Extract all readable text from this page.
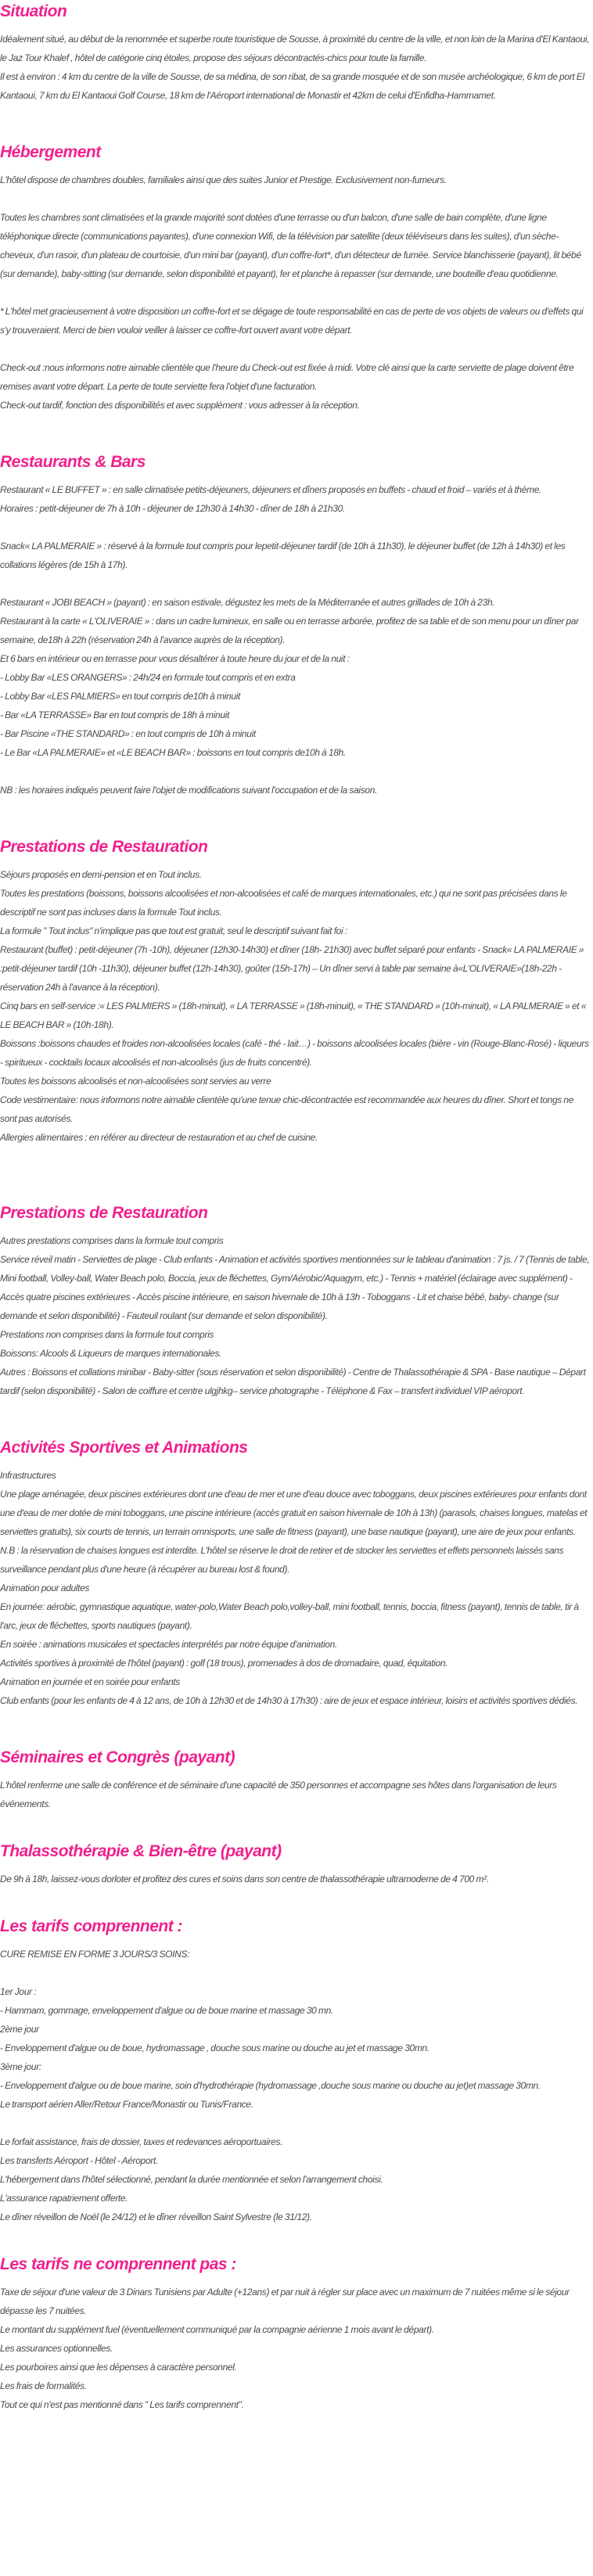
Situation

Idéalement situé, au début de la renommée et superbe route touristique de Sousse, à proximité du centre de la ville, et non loin de la Marina d'El Kantaoui, le Jaz Tour Khalef , hôtel de catégorie cinq étoiles, propose des séjours décontractés-chics pour toute la famille.

Il est à environ : 4 km du centre de la ville de Sousse, de sa médina, de son ribat, de sa grande mosquée et de son musée archéologique, 6 km de port El Kantaoui, 7 km du El Kantaoui Golf Course, 18 km de l'Aéroport international de Monastir et 42km de celui d'Enfidha-Hammamet.

Hébergement

L'hôtel dispose de chambres doubles, familiales ainsi que des suites Junior et Prestige. Exclusivement non-fumeurs.

Toutes les chambres sont climatisées et la grande majorité sont dotées d'une terrasse ou d'un balcon, d'une salle de bain complète, d'une ligne téléphonique directe (communications payantes), d'une connexion Wifi, de la télévision par satellite (deux téléviseurs dans les suites), d'un sèche-cheveux, d'un rasoir, d'un plateau de courtoisie, d'un mini bar (payant), d'un coffre-fort*, d'un détecteur de fumée. Service blanchisserie (payant), lit bébé (sur demande), baby-sitting (sur demande, selon disponibilité et payant), fer et planche à repasser (sur demande, une bouteille d'eau quotidienne.

* L'hôtel met gracieusement à votre disposition un coffre-fort et se dégage de toute responsabilité en cas de perte de vos objets de valeurs ou d'effets qui s'y trouveraient. Merci de bien vouloir veiller à laisser ce coffre-fort ouvert avant votre départ.

Check-out :nous informons notre aimable clientèle que l'heure du Check-out est fixée à midi. Votre clé ainsi que la carte serviette de plage doivent être remises avant votre départ. La perte de toute serviette fera l'objet d'une facturation.

Check-out tardif, fonction des disponibilités et avec supplément : vous adresser à la réception.

Restaurants & Bars

Restaurant « LE BUFFET » : en salle climatisée petits-déjeuners, déjeuners et dîners proposés en buffets - chaud et froid – variés et à thème.

Horaires : petit-déjeuner de 7h à 10h - déjeuner de 12h30 à 14h30 - dîner de 18h à 21h30.

Snack« LA PALMERAIE » : réservé à la formule tout compris pour lepetit-déjeuner tardif (de 10h à 11h30), le déjeuner buffet (de 12h à 14h30) et les collations légères (de 15h à 17h).

Restaurant « JOBI BEACH » (payant) : en saison estivale, dégustez les mets de la Méditerranée et autres grillades de 10h à 23h.

Restaurant à la carte « L'OLIVERAIE » : dans un cadre lumineux, en salle ou en terrasse arborée, profitez de sa table et de son menu pour un dîner par semaine, de18h à 22h (réservation 24h à l'avance auprès de la réception).

Et 6 bars en intérieur ou en terrasse pour vous désaltérer à toute heure du jour et de la nuit :

- Lobby Bar «LES ORANGERS» : 24h/24 en formule tout compris et en extra

- Lobby Bar «LES PALMIERS» en tout compris de10h à minuit

- Bar «LA TERRASSE» Bar en tout compris de 18h à minuit

- Bar Piscine «THE STANDARD» : en tout compris de 10h à minuit

- Le Bar «LA PALMERAIE» et «LE BEACH BAR» : boissons en tout compris de10h à 18h.

NB : les horaires indiqués peuvent faire l'objet de modifications suivant l'occupation et de la saison.

Prestations de Restauration

Séjours proposés en demi-pension et en Tout inclus.

Toutes les prestations (boissons, boissons alcoolisées et non-alcoolisées et café de marques internationales, etc.) qui ne sont pas précisées dans le descriptif ne sont pas incluses dans la formule Tout inclus.

La formule " Tout inclus" n'implique pas que tout est gratuit, seul le descriptif suivant fait foi :

Restaurant (buffet) : petit-déjeuner (7h -10h), déjeuner (12h30-14h30) et dîner (18h- 21h30) avec buffet séparé pour enfants - Snack« LA PALMERAIE » :petit-déjeuner tardif (10h -11h30), déjeuner buffet (12h-14h30), goûter (15h-17h) – Un dîner servi à table par semaine à«L'OLIVERAIE»(18h-22h - réservation 24h à l'avance à la réception).

Cinq bars en self-service :« LES PALMIERS » (18h-minuit), « LA TERRASSE » (18h-minuit), « THE STANDARD » (10h-minuit), « LA PALMERAIE » et « LE BEACH BAR » (10h-18h).

Boissons :boissons chaudes et froides non-alcoolisées locales (café - thé - lait…) - boissons alcoolisées locales (bière - vin (Rouge-Blanc-Rosé) - liqueurs - spiritueux - cocktails locaux alcoolisés et non-alcoolisés (jus de fruits concentré).

Toutes les boissons alcoolisés et non-alcoolisées sont servies au verre

Code vestimentaire: nous informons notre aimable clientèle qu'une tenue chic-décontractée est recommandée aux heures du dîner. Short et tongs ne sont pas autorisés.

Allergies alimentaires : en référer au directeur de restauration et au chef de cuisine.

Prestations de Restauration

Autres prestations comprises dans la formule tout compris

Service réveil matin - Serviettes de plage - Club enfants - Animation et activités sportives mentionnées sur le tableau d'animation : 7 js. / 7 (Tennis de table, Mini football, Volley-ball, Water Beach polo, Boccia, jeux de fléchettes, Gym/Aérobic/Aquagym, etc.) - Tennis + matériel (éclairage avec supplément) - Accès quatre piscines extérieures - Accès piscine intérieure, en saison hivernale de 10h à 13h - Toboggans - Lit et chaise bébé, baby- change (sur demande et selon disponibilité) - Fauteuil roulant (sur demande et selon disponibilité).

Prestations non comprises dans la formule tout compris

Boissons: Alcools & Liqueurs de marques internationales.

Autres : Boissons et collations minibar - Baby-sitter (sous réservation et selon disponibilité) - Centre de Thalassothérapie & SPA - Base nautique – Départ tardif (selon disponibilité) - Salon de coiffure et centre ulgjhkg– service photographe - Téléphone & Fax – transfert individuel VIP aéroport.

Activités Sportives et Animations

Infrastructures

Une plage aménagée, deux piscines extérieures dont une d'eau de mer et une d'eau douce avec toboggans, deux piscines extérieures pour enfants dont une d'eau de mer dotée de mini toboggans, une piscine intérieure (accès gratuit en saison hivernale de 10h à 13h) (parasols, chaises longues, matelas et serviettes gratuits), six courts de tennis, un terrain omnisports, une salle de fitness (payant), une base nautique (payant), une aire de jeux pour enfants.

N.B : la réservation de chaises longues est interdite. L'hôtel se réserve le droit de retirer et de stocker les serviettes et effets personnels laissés sans surveillance pendant plus d'une heure (à récupérer au bureau lost & found).

Animation pour adultes

En journée: aérobic, gymnastique aquatique, water-polo,Water Beach polo,volley-ball, mini football, tennis, boccia, fitness (payant), tennis de table, tir à l'arc, jeux de fléchettes, sports nautiques (payant).

En soirée : animations musicales et spectacles interprétés par notre équipe d'animation.

Activités sportives à proximité de l'hôtel (payant) : golf (18 trous), promenades à dos de dromadaire, quad, équitation.

Animation en journée et en soirée pour enfants

Club enfants (pour les enfants de 4 à 12 ans, de 10h à 12h30 et de 14h30 à 17h30) : aire de jeux et espace intérieur, loisirs et activités sportives dédiés.

Séminaires et Congrès (payant)

L'hôtel renferme une salle de conférence et de séminaire d'une capacité de 350 personnes et accompagne ses hôtes dans l'organisation de leurs événements.

Thalassothérapie & Bien-être (payant)

De 9h à 18h, laissez-vous dorloter et profitez des cures et soins dans son centre de thalassothérapie ultramoderne de 4 700 m².

Les tarifs comprennent :

CURE REMISE EN FORME 3 JOURS/3 SOINS:

1er Jour :

- Hammam, gommage, enveloppement d'algue ou de boue marine et massage 30 mn.

2ème jour

- Enveloppement d'algue ou de boue, hydromassage , douche sous marine ou douche au jet et massage 30mn.

3ème jour:

- Enveloppement d'algue ou de boue marine, soin d'hydrothérapie (hydromassage ,douche sous marine ou douche au jet)et massage 30mn.

Le transport aérien Aller/Retour France/Monastir ou Tunis/France.

Le forfait assistance, frais de dossier, taxes et redevances aéroportuaires.

Les transferts Aéroport - Hôtel - Aéroport.

L'hébergement dans l'hôtel sélectionné, pendant la durée mentionnée et selon l'arrangement choisi.

L'assurance rapatriement offerte.

Le dîner réveillon de Noël (le 24/12) et le dîner réveillon Saint Sylvestre (le 31/12).

Les tarifs ne comprennent pas :

Taxe de séjour d'une valeur de 3 Dinars Tunisiens par Adulte (+12ans) et par nuit à régler sur place avec un maximum de 7 nuitées même si le séjour dépasse les 7 nuitées.

Le montant du supplément fuel (éventuellement communiqué par la compagnie aérienne 1 mois avant le départ).

Les assurances optionnelles.

Les pourboires ainsi que les dépenses à caractère personnel.

Les frais de formalités.

Tout ce qui n'est pas mentionné dans " Les tarifs comprennent".
